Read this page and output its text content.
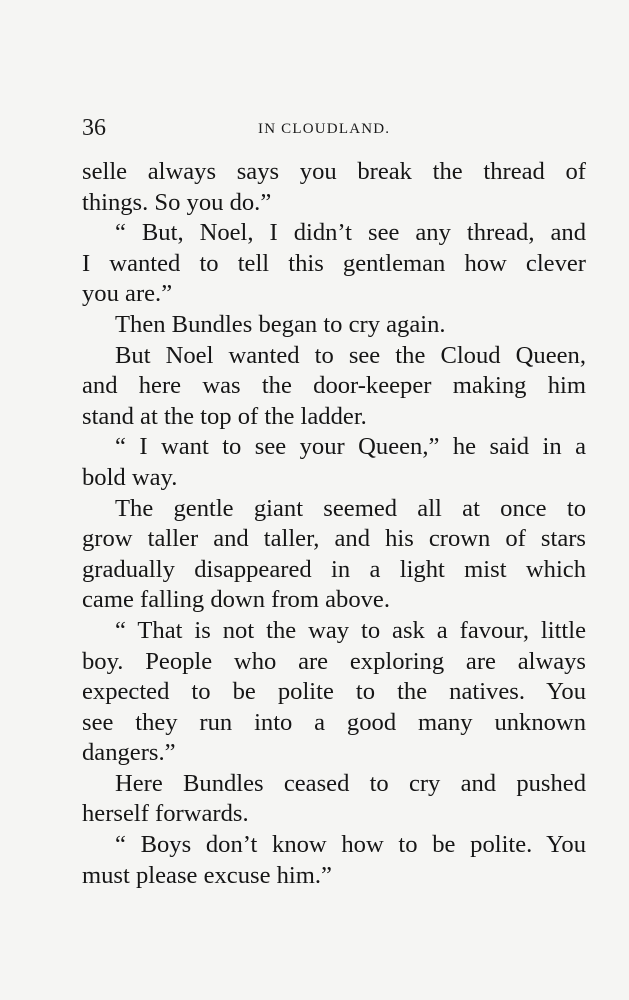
36	IN CLOUDLAND.
selle always says you break the thread of
things. So you do.”
“ But, Noel, I didn’t see any thread, and
I wanted to tell this gentleman how clever
you are.”
Then Bundles began to cry again.
But Noel wanted to see the Cloud Queen,
and here was the door-keeper making him
stand at the top of the ladder.
“ I want to see your Queen,” he said in a
bold way.
The gentle giant seemed all at once to
grow taller and taller, and his crown of stars
gradually disappeared in a light mist which
came falling down from above.
“ That is not the way to ask a favour, little
boy. People who are exploring are always
expected to be polite to the natives. You
see they run into a good many unknown
dangers.”
Here Bundles ceased to cry and pushed
herself forwards.
“ Boys don’t know how to be polite. You
must please excuse him.”
